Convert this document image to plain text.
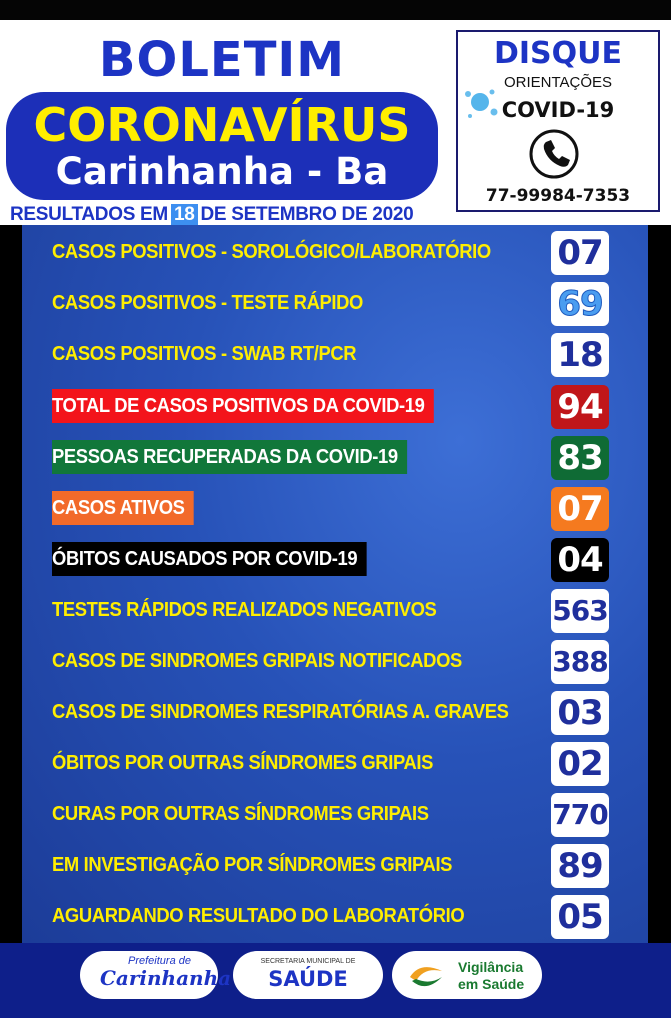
BOLETIM
CORONAVÍRUS
Carinhanha - Ba
RESULTADOS EM 18 DE SETEMBRO DE 2020
DISQUE
ORIENTAÇÕES
COVID-19
77-99984-7353
CASOS POSITIVOS - SOROLÓGICO/LABORATÓRIO 07
CASOS POSITIVOS - TESTE RÁPIDO	69
CASOS POSITIVOS - SWAB RT/PCR	18
TOTAL DE CASOS POSITIVOS DA COVID-19	94
PESSOAS RECUPERADAS DA COVID-19	83
CASOS ATIVOS	07
ÓBITOS CAUSADOS POR COVID-19	04
TESTES RÁPIDOS REALIZADOS NEGATIVOS	563
CASOS DE SINDROMES GRIPAIS NOTIFICADOS	388
CASOS DE SINDROMES RESPIRATÓRIAS A. GRAVES 03
ÓBITOS POR OUTRAS SÍNDROMES GRIPAIS	02
CURAS POR OUTRAS SÍNDROMES GRIPAIS	770
EM INVESTIGAÇÃO POR SÍNDROMES GRIPAIS	89
AGUARDANDO RESULTADO DO LABORATÓRIO	05
Prefeitura de
Carinhanha
SECRETARIA MUNICIPAL DE
SAÚDE	Vigilância
em Saúde
